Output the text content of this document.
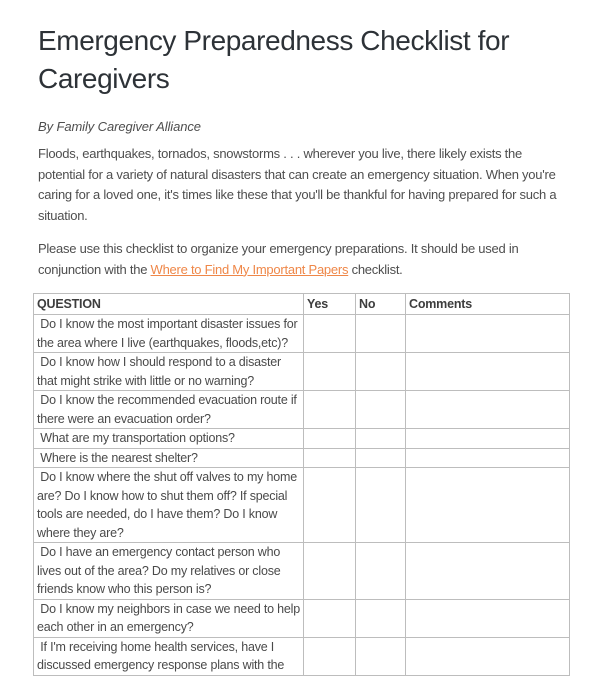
Emergency Preparedness Checklist for Caregivers
By Family Caregiver Alliance

Floods, earthquakes, tornados, snowstorms . . . wherever you live, there likely exists the potential for a variety of natural disasters that can create an emergency situation. When you're caring for a loved one, it's times like these that you'll be thankful for having prepared for such a situation.

Please use this checklist to organize your emergency preparations. It should be used in conjunction with the Where to Find My Important Papers checklist.

QUESTION	Yes	No	Comments
Do I know the most important disaster issues for the area where I live (earthquakes, floods,etc)?			
Do I know how I should respond to a disaster that might strike with little or no warning?			
Do I know the recommended evacuation route if there were an evacuation order?			
What are my transportation options?			
Where is the nearest shelter?			
Do I know where the shut off valves to my home are? Do I know how to shut them off? If special tools are needed, do I have them? Do I know where they are?			
Do I have an emergency contact person who lives out of the area? Do my relatives or close friends know who this person is?			
Do I know my neighbors in case we need to help each other in an emergency?			
If I'm receiving home health services, have I discussed emergency response plans with the			
